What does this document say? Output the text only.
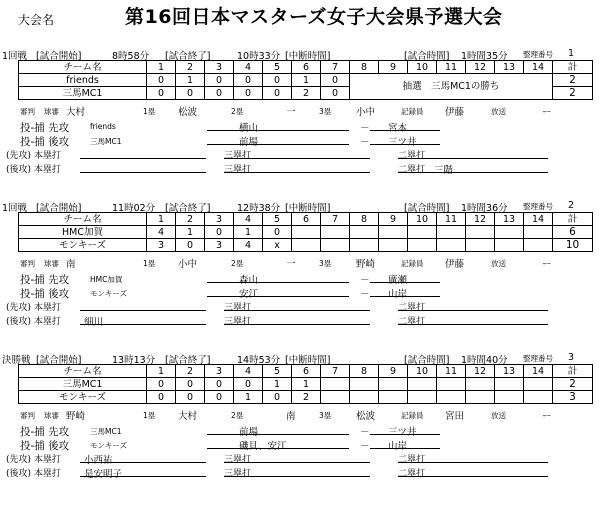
大会名	第16回日本マスターズ女子大会県予選大会
1回戦 [試合開始]	8時58分 [試合終了]	10時33分 [中断時間]	[試合時間] 1時間35分 整理番号 1
チーム名	1	2	3	4	5	6	7	8	9	10	11	12	13	14	計
friends	0	1	0	0	0	1	0	抽選　三馬MC1の勝ち							2
三馬MC1	0	0	0	0	0	2	0								2
審判 球審 大村	1塁 松波	2塁	一	3塁	小中	記録員 伊藤	放送	ー
投-捕 先攻	friends	横山	－	宮本
投-捕 後攻	三馬MC1	前場	－	三ツ井
(先攻) 本塁打	三塁打	二塁打
(後攻) 本塁打	三塁打	二塁打 三階
1回戦 [試合開始]	11時02分 [試合終了]	12時38分 [中断時間]	[試合時間] 1時間36分 整理番号 2
チーム名	1	2	3	4	5	6	7	8	9	10	11	12	13	14	計
HMC加賀	4	1	0	1	0										6
モンキーズ	3	0	3	4	x										10
審判 球審 南	1塁 小中	2塁	一	3塁	野崎	記録員 伊藤	放送	ー
投-捕 先攻	HMC加賀	森山	－	廣瀬
投-捕 後攻	モンキーズ	安江	－	山岸
(先攻) 本塁打	三塁打	二塁打
(後攻) 本塁打	細川	三塁打	二塁打
決勝戦 [試合開始]	13時13分 [試合終了]	14時53分 [中断時間]	[試合時間] 1時間40分 整理番号 3
チーム名	1	2	3	4	5	6	7	8	9	10	11	12	13	14	計
三馬MC1	0	0	0	0	1	1									2
モンキーズ	0	0	0	1	0	2									3
審判 球審 野崎	1塁 大村	2塁	南	3塁	松波	記録員 宮田	放送	ー
投-捕 先攻	三馬MC1	前場	－	三ツ井
投-捕 後攻	モンキーズ	磯貝、安江	－	山岸
(先攻) 本塁打	小西祐	三塁打	二塁打
(後攻) 本塁打	是安明子	三塁打	二塁打
